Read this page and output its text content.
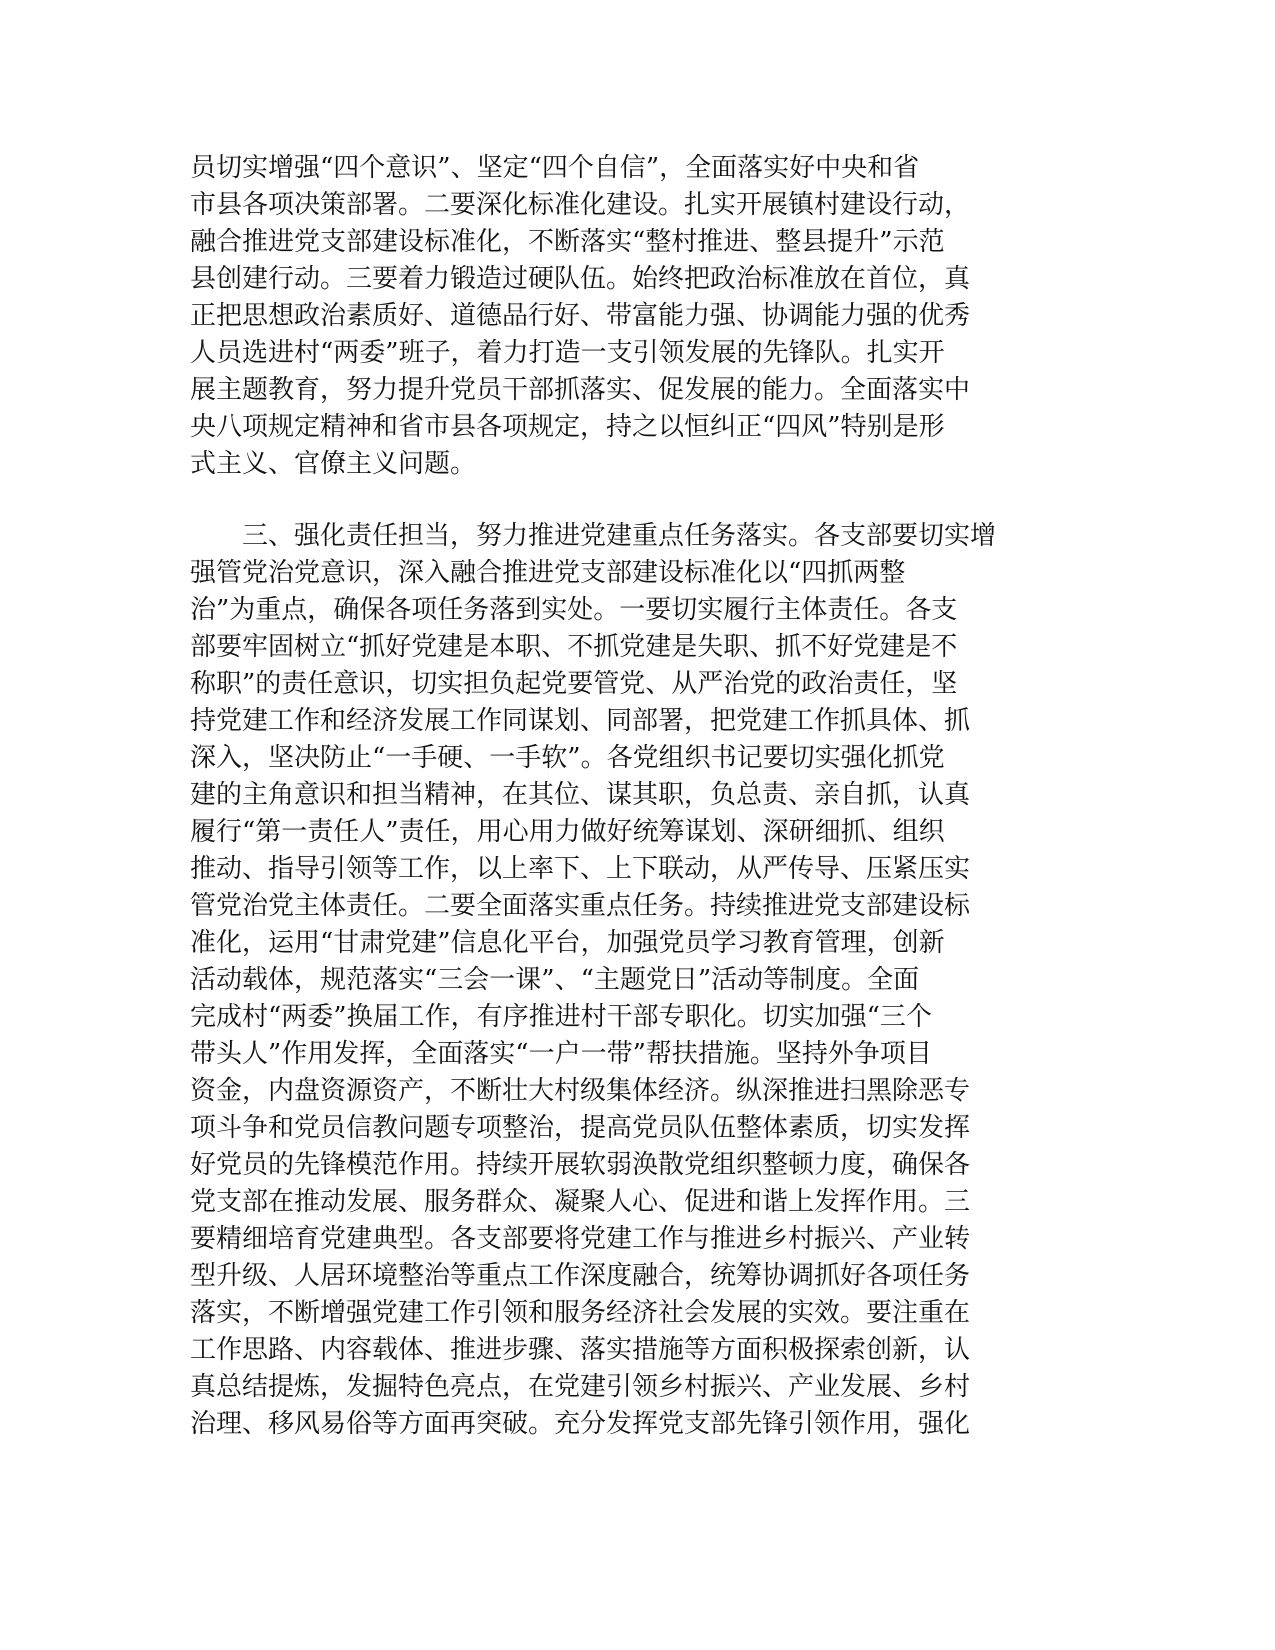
员切实增强“四个意识”、坚定“四个自信”，全面落实好中央和省
市县各项决策部署。二要深化标准化建设。扎实开展镇村建设行动，
融合推进党支部建设标准化，不断落实“整村推进、整县提升”示范
县创建行动。三要着力锻造过硬队伍。始终把政治标准放在首位，真
正把思想政治素质好、道德品行好、带富能力强、协调能力强的优秀
人员选进村“两委”班子，着力打造一支引领发展的先锋队。扎实开
展主题教育，努力提升党员干部抓落实、促发展的能力。全面落实中
央八项规定精神和省市县各项规定，持之以恒纠正“四风”特别是形
式主义、官僚主义问题。
　　三、强化责任担当，努力推进党建重点任务落实。各支部要切实增
强管党治党意识，深入融合推进党支部建设标准化以“四抓两整
治”为重点，确保各项任务落到实处。一要切实履行主体责任。各支
部要牢固树立“抓好党建是本职、不抓党建是失职、抓不好党建是不
称职”的责任意识，切实担负起党要管党、从严治党的政治责任，坚
持党建工作和经济发展工作同谋划、同部署，把党建工作抓具体、抓
深入，坚决防止“一手硬、一手软”。各党组织书记要切实强化抓党
建的主角意识和担当精神，在其位、谋其职，负总责、亲自抓，认真
履行“第一责任人”责任，用心用力做好统筹谋划、深研细抓、组织
推动、指导引领等工作，以上率下、上下联动，从严传导、压紧压实
管党治党主体责任。二要全面落实重点任务。持续推进党支部建设标
准化，运用“甘肃党建”信息化平台，加强党员学习教育管理，创新
活动载体，规范落实“三会一课”、“主题党日”活动等制度。全面
完成村“两委”换届工作，有序推进村干部专职化。切实加强“三个
带头人”作用发挥，全面落实“一户一带”帮扶措施。坚持外争项目
资金，内盘资源资产，不断壮大村级集体经济。纵深推进扫黑除恶专
项斗争和党员信教问题专项整治，提高党员队伍整体素质，切实发挥
好党员的先锋模范作用。持续开展软弱涣散党组织整顿力度，确保各
党支部在推动发展、服务群众、凝聚人心、促进和谐上发挥作用。三
要精细培育党建典型。各支部要将党建工作与推进乡村振兴、产业转
型升级、人居环境整治等重点工作深度融合，统筹协调抓好各项任务
落实，不断增强党建工作引领和服务经济社会发展的实效。要注重在
工作思路、内容载体、推进步骤、落实措施等方面积极探索创新，认
真总结提炼，发掘特色亮点，在党建引领乡村振兴、产业发展、乡村
治理、移风易俗等方面再突破。充分发挥党支部先锋引领作用，强化
